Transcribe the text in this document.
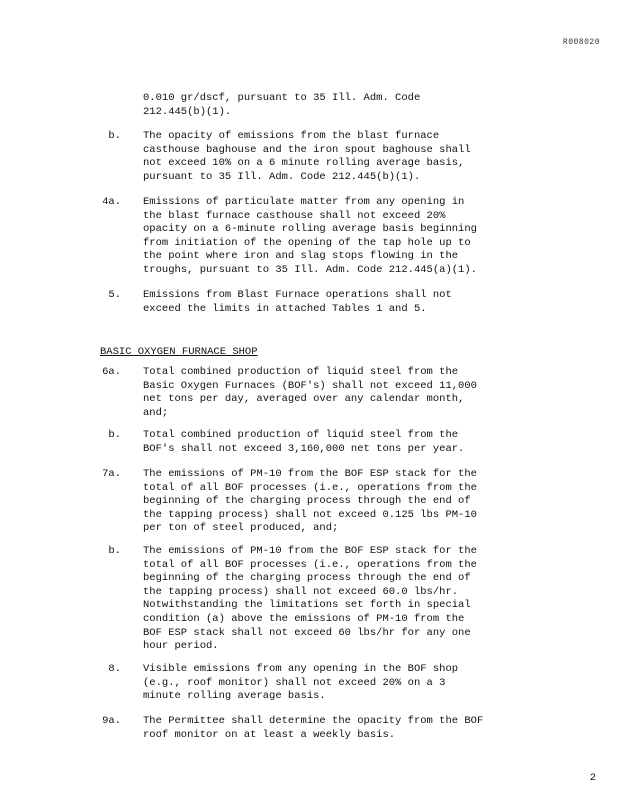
R008020
0.010 gr/dscf, pursuant to 35 Ill. Adm. Code
212.445(b)(1).
b. The opacity of emissions from the blast furnace
casthouse baghouse and the iron spout baghouse shall
not exceed 10% on a 6 minute rolling average basis,
pursuant to 35 Ill. Adm. Code 212.445(b)(1).
4a. Emissions of particulate matter from any opening in
the blast furnace casthouse shall not exceed 20%
opacity on a 6-minute rolling average basis beginning
from initiation of the opening of the tap hole up to
the point where iron and slag stops flowing in the
troughs, pursuant to 35 Ill. Adm. Code 212.445(a)(1).
5. Emissions from Blast Furnace operations shall not
exceed the limits in attached Tables 1 and 5.
BASIC OXYGEN FURNACE SHOP
6a. Total combined production of liquid steel from the
Basic Oxygen Furnaces (BOF's) shall not exceed 11,000
net tons per day, averaged over any calendar month,
and;
b. Total combined production of liquid steel from the
BOF's shall not exceed 3,160,000 net tons per year.
7a. The emissions of PM-10 from the BOF ESP stack for the
total of all BOF processes (i.e., operations from the
beginning of the charging process through the end of
the tapping process) shall not exceed 0.125 lbs PM-10
per ton of steel produced, and;
b. The emissions of PM-10 from the BOF ESP stack for the
total of all BOF processes (i.e., operations from the
beginning of the charging process through the end of
the tapping process) shall not exceed 60.0 lbs/hr.
Notwithstanding the limitations set forth in special
condition (a) above the emissions of PM-10 from the
BOF ESP stack shall not exceed 60 lbs/hr for any one
hour period.
8. Visible emissions from any opening in the BOF shop
(e.g., roof monitor) shall not exceed 20% on a 3
minute rolling average basis.
9a. The Permittee shall determine the opacity from the BOF
roof monitor on at least a weekly basis.
2
